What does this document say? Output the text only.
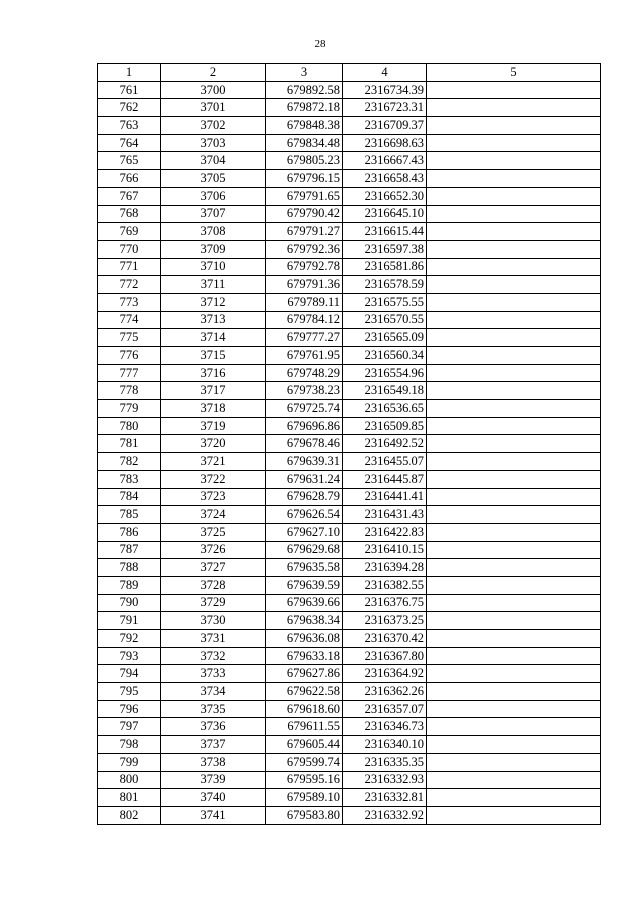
28
1	2	3	4	5
761	3700	679892.58	2316734.39	
762	3701	679872.18	2316723.31	
763	3702	679848.38	2316709.37	
764	3703	679834.48	2316698.63	
765	3704	679805.23	2316667.43	
766	3705	679796.15	2316658.43	
767	3706	679791.65	2316652.30	
768	3707	679790.42	2316645.10	
769	3708	679791.27	2316615.44	
770	3709	679792.36	2316597.38	
771	3710	679792.78	2316581.86	
772	3711	679791.36	2316578.59	
773	3712	679789.11	2316575.55	
774	3713	679784.12	2316570.55	
775	3714	679777.27	2316565.09	
776	3715	679761.95	2316560.34	
777	3716	679748.29	2316554.96	
778	3717	679738.23	2316549.18	
779	3718	679725.74	2316536.65	
780	3719	679696.86	2316509.85	
781	3720	679678.46	2316492.52	
782	3721	679639.31	2316455.07	
783	3722	679631.24	2316445.87	
784	3723	679628.79	2316441.41	
785	3724	679626.54	2316431.43	
786	3725	679627.10	2316422.83	
787	3726	679629.68	2316410.15	
788	3727	679635.58	2316394.28	
789	3728	679639.59	2316382.55	
790	3729	679639.66	2316376.75	
791	3730	679638.34	2316373.25	
792	3731	679636.08	2316370.42	
793	3732	679633.18	2316367.80	
794	3733	679627.86	2316364.92	
795	3734	679622.58	2316362.26	
796	3735	679618.60	2316357.07	
797	3736	679611.55	2316346.73	
798	3737	679605.44	2316340.10	
799	3738	679599.74	2316335.35	
800	3739	679595.16	2316332.93	
801	3740	679589.10	2316332.81	
802	3741	679583.80	2316332.92	
